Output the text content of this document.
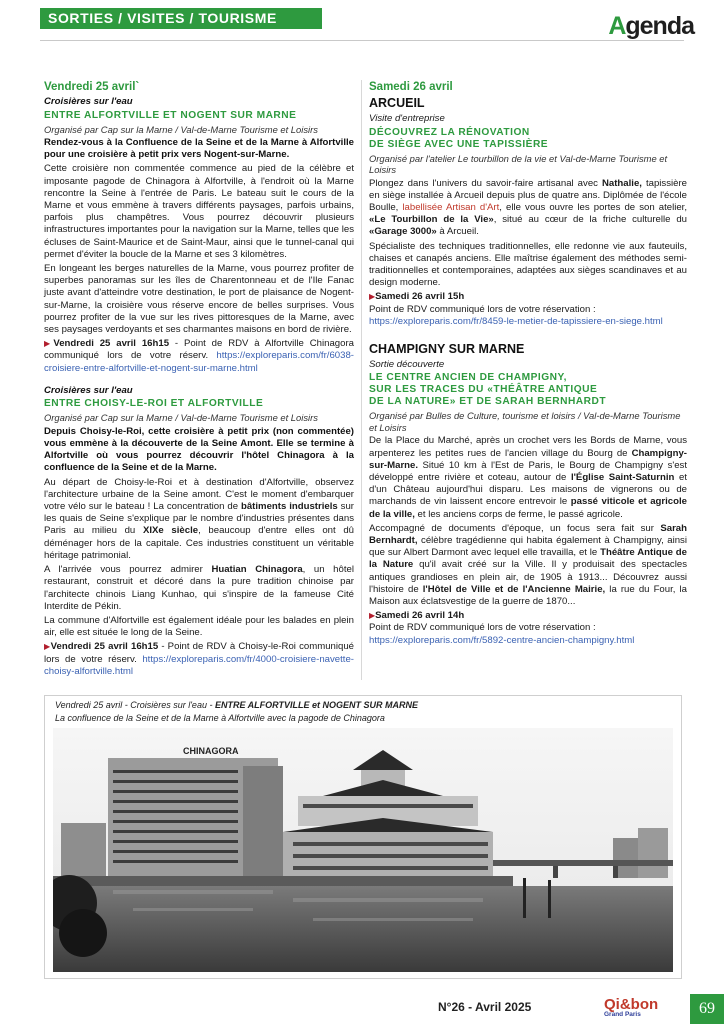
SORTIES / VISITES / TOURISME	Agenda

Vendredi 25 avril`

Croisières sur l'eau

ENTRE ALFORTVILLE ET NOGENT SUR MARNE

Organisé par Cap sur la Marne / Val-de-Marne Tourisme et Loisirs

Rendez-vous à la Confluence de la Seine et de la Marne à Alfortville pour une croisière à petit prix vers Nogent-sur-Marne.

Cette croisière non commentée commence au pied de la célèbre et imposante pagode de Chinagora à Alfortville, à l'endroit où la Marne rencontre la Seine à l'entrée de Paris. Le bateau suit le cours de la Marne et vous emmène à travers différents paysages, parfois urbains, parfois plus champêtres. Vous pourrez découvrir plusieurs infrastructures importantes pour la navigation sur la Marne, telles que les écluses de Saint-Maurice et de Saint-Maur, ainsi que le tunnel-canal qui permet d'éviter la boucle de la Marne et ses 3 kilomètres.

En longeant les berges naturelles de la Marne, vous pourrez profiter de superbes panoramas sur les îles de Charentonneau et de l'Ile Fanac juste avant d'atteindre votre destination, le port de plaisance de Nogent-sur-Marne, la croisière vous réserve encore de belles surprises. Vous pourrez profiter de la vue sur les rives pittoresques de la Marne, avec ses paysages verdoyants et ses charmantes maisons en bord de rivière.

▶Vendredi 25 avril 16h15 - Point de RDV à Alfortville Chinagora communiqué lors de votre réserv. https://exploreparis.com/fr/6038-croisiere-entre-alfortville-et-nogent-sur-marne.html

Croisières sur l'eau

ENTRE CHOISY-LE-ROI ET ALFORTVILLE

Organisé par Cap sur la Marne / Val-de-Marne Tourisme et Loisirs

Depuis Choisy-le-Roi, cette croisière à petit prix (non commentée) vous emmène à la découverte de la Seine Amont. Elle se termine à Alfortville où vous pourrez découvrir l'hôtel Chinagora à la confluence de la Seine et de la Marne.

Au départ de Choisy-le-Roi et à destination d'Alfortville, observez l'architecture urbaine de la Seine amont. C'est le moment d'embarquer votre vélo sur le bateau ! La concentration de bâtiments industriels sur les quais de Seine s'explique par le nombre d'industries présentes dans Paris au milieu du XIXe siècle, beaucoup d'entre elles ont dû déménager hors de la capitale. Ces industries constituent un véritable héritage patrimonial.

A l'arrivée vous pourrez admirer Huatian Chinagora, un hôtel restaurant, construit et décoré dans la pure tradition chinoise par l'architecte chinois Liang Kunhao, qui s'inspire de la fameuse Cité Interdite de Pékin.

La commune d'Alfortville est également idéale pour les balades en plein air, elle est située le long de la Seine.

▶Vendredi 25 avril 16h15 - Point de RDV à Choisy-le-Roi communiqué lors de votre réserv. https://exploreparis.com/fr/4000-croisiere-navette-choisy-alfortville.html

Samedi 26 avril

ARCUEIL

Visite d'entreprise

DÉCOUVREZ LA RÉNOVATION

DE SIÈGE AVEC UNE TAPISSIÈRE

Organisé par l'atelier Le tourbillon de la vie et Val-de-Marne Tourisme et Loisirs

Plongez dans l'univers du savoir-faire artisanal avec Nathalie, tapissière en siège installée à Arcueil depuis plus de quatre ans. Diplômée de l'école Boulle, labellisée Artisan d'Art, elle vous ouvre les portes de son atelier, «Le Tourbillon de la Vie», situé au cœur de la friche culturelle du «Garage 3000» à Arcueil.

Spécialiste des techniques traditionnelles, elle redonne vie aux fauteuils, chaises et canapés anciens. Elle maîtrise également des méthodes semi-traditionnelles et contemporaines, adaptées aux sièges scandinaves et au design moderne.

▶Samedi 26 avril 15h

Point de RDV communiqué lors de votre réservation :

https://exploreparis.com/fr/8459-le-metier-de-tapissiere-en-siege.html

CHAMPIGNY SUR MARNE

Sortie découverte

LE CENTRE ANCIEN DE CHAMPIGNY,

SUR LES TRACES DU «THÉÂTRE ANTIQUE

DE LA NATURE» ET DE SARAH BERNHARDT

Organisé par Bulles de Culture, tourisme et loisirs / Val-de-Marne Tourisme et Loisirs

De la Place du Marché, après un crochet vers les Bords de Marne, vous arpenterez les petites rues de l'ancien village du Bourg de Champigny-sur-Marne. Situé 10 km à l'Est de Paris, le Bourg de Champigny s'est développé entre rivière et coteau, autour de l'Église Saint-Saturnin et d'un Château aujourd'hui disparu. Les maisons de vignerons ou de marchands de vin laissent encore entrevoir le passé viticole et agricole de la ville, et les anciens corps de ferme, le passé agricole.

Accompagné de documents d'époque, un focus sera fait sur Sarah Bernhardt, célèbre tragédienne qui habita également à Champigny, ainsi que sur Albert Darmont avec lequel elle travailla, et le Théâtre Antique de la Nature qu'il avait créé sur la Ville. Il y produisait des spectacles antiques grandioses en plein air, de 1905 à 1913... Découvrez aussi l'histoire de l'Hôtel de Ville et de l'Ancienne Mairie, la rue du Four, la Maison aux éclatsvestige de la guerre de 1870...

▶Samedi 26 avril 14h

Point de RDV communiqué lors de votre réservation :

https://exploreparis.com/fr/5892-centre-ancien-champigny.html

Vendredi 25 avril - Croisières sur l'eau - ENTRE ALFORTVILLE et NOGENT SUR MARNE
La confluence de la Seine et de la Marne à Alfortville avec la pagode de Chinagora
CHINAGORA
N°26 - Avril 2025	Qi&bon
Grand Paris	69
